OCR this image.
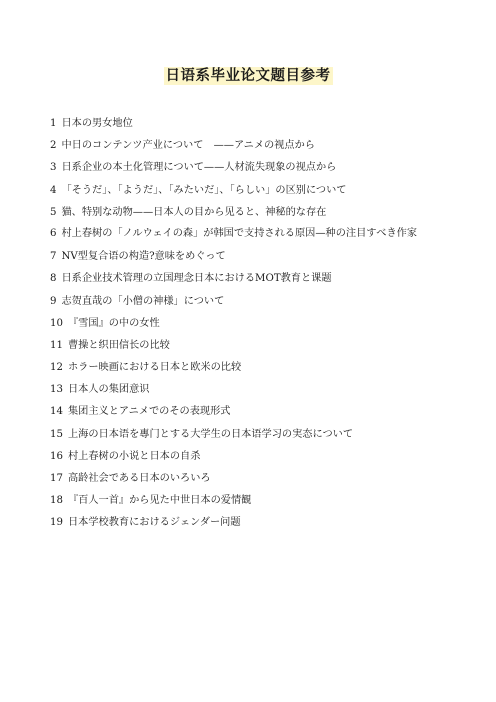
日语系毕业论文题目参考
1 日本の男女地位
2 中日のコンテンツ产业について　——アニメの视点から
3 日系企业の本土化管理について——人材流失现象の视点から
4 「そうだ」、「ようだ」、「みたいだ」、「らしい」の区别について
5 猫、特别な动物——日本人の目から见ると、神秘的な存在
6 村上春树の「ノルウェイの森」が韩国で支持される原因—种の注目すべき作家
7 NV型复合语の构造?意味をめぐって
8 日系企业技术管理の立国理念日本におけるMOT教育と课题
9 志贺直哉の「小僧の神様」について
10 『雪国』の中の女性
11 曹操と织田信长の比较
12 ホラー映画における日本と欧米の比较
13 日本人の集团意识
14 集团主义とアニメでのその表现形式
15 上海の日本语を專门とする大学生の日本语学习の実态について
16 村上春树の小说と日本の自杀
17 高龄社会である日本のいろいろ
18 『百人一首』から见た中世日本の爱情観
19 日本学校教育におけるジェンダー问题
